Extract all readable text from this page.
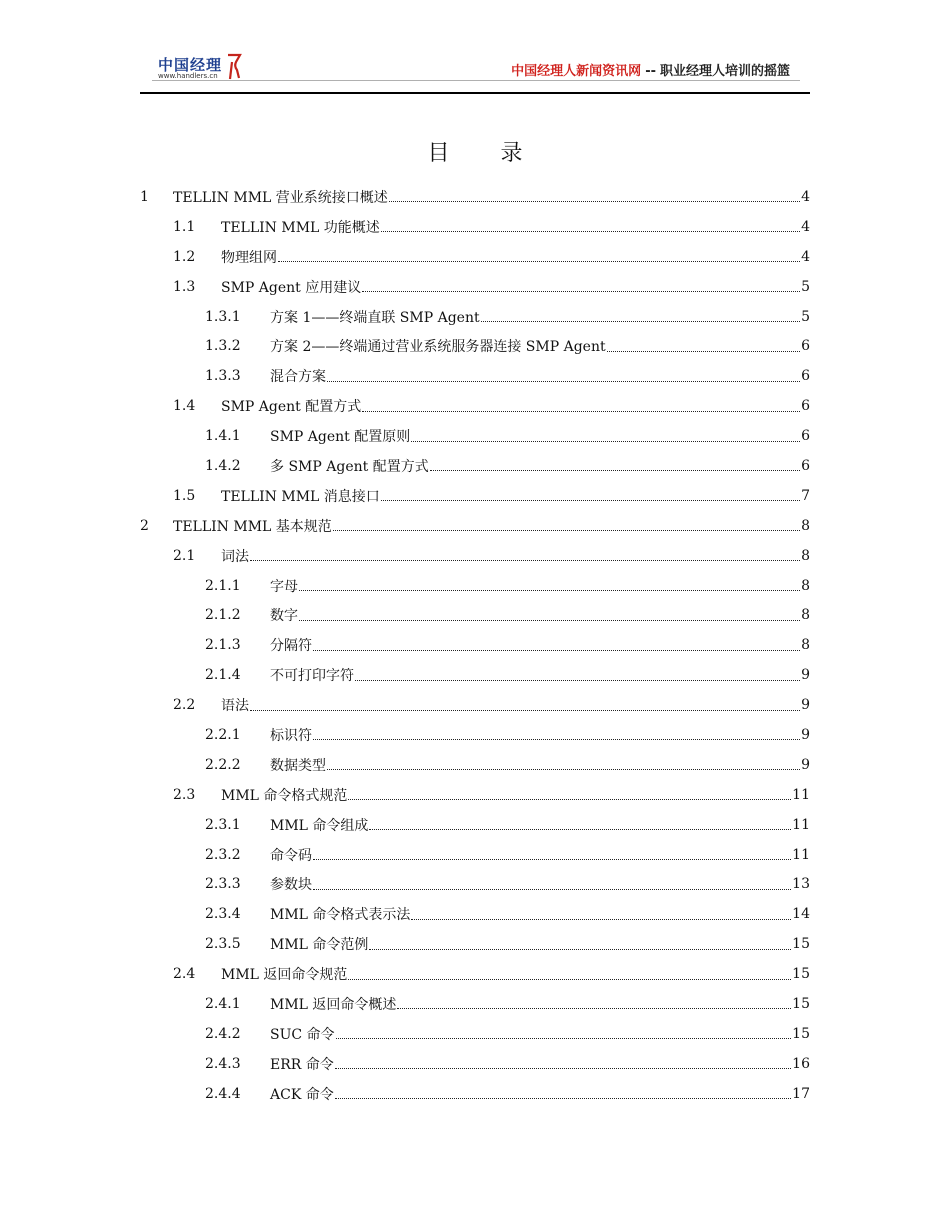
中国经理
www.handlers.cn	中国经理人新闻资讯网 -- 职业经理人培训的摇篮
目 录
1	TELLIN MML 营业系统接口概述	4
1.1	TELLIN MML 功能概述	4
1.2	物理组网	4
1.3	SMP Agent 应用建议	5
1.3.1	方案 1——终端直联 SMP Agent	5
1.3.2	方案 2——终端通过营业系统服务器连接 SMP Agent	6
1.3.3	混合方案	6
1.4	SMP Agent 配置方式	6
1.4.1	SMP Agent 配置原则	6
1.4.2	多 SMP Agent 配置方式	6
1.5	TELLIN MML 消息接口	7
2	TELLIN MML 基本规范	8
2.1	词法	8
2.1.1	字母	8
2.1.2	数字	8
2.1.3	分隔符	8
2.1.4	不可打印字符	9
2.2	语法	9
2.2.1	标识符	9
2.2.2	数据类型	9
2.3	MML 命令格式规范	11
2.3.1	MML 命令组成	11
2.3.2	命令码	11
2.3.3	参数块	13
2.3.4	MML 命令格式表示法	14
2.3.5	MML 命令范例	15
2.4	MML 返回命令规范	15
2.4.1	MML 返回命令概述	15
2.4.2	SUC 命令	15
2.4.3	ERR 命令	16
2.4.4	ACK 命令	17
